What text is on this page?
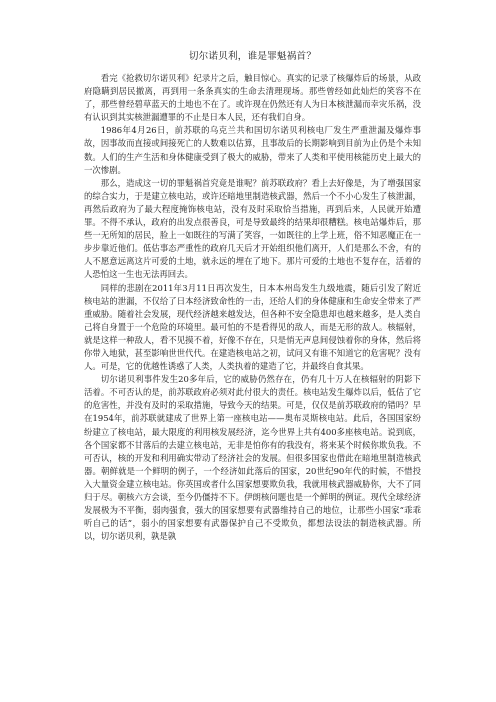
切尔诺贝利，谁是罪魁祸首？

看完《抢救切尔诺贝利》纪录片之后，触目惊心。真实的记录了核爆炸后的场景，从政府隐瞒到居民撤离，再到用一条条真实的生命去清理现场。那些曾经如此灿烂的笑容不在了，那些曾经碧草蓝天的土地也不在了。或许现在仍然还有人为日本核泄漏而幸灾乐祸，没有认识到其实核泄漏遭罪的不止是日本人民，还有我们自身。

1986年4月26日，前苏联的乌克兰共和国切尔诺贝利核电厂发生严重泄漏及爆炸事故，因事故而直接或间接死亡的人数难以估算，且事故后的长期影响到目前为止仍是个未知数。人们的生产生活和身体健康受到了极大的威胁，带来了人类和平使用核能历史上最大的一次惨剧。

那么，造成这一切的罪魁祸首究竟是谁呢？前苏联政府？看上去好像是，为了增强国家的综合实力，于是建立核电站，或许还暗地里制造核武器，然后一个不小心发生了核泄漏，再然后政府为了最大程度掩饰核电站，没有及时采取恰当措施，再到后来，人民就开始遭罪。不得不承认，政府的出发点很善良，可是导致最终的结果却很糟糕。核电站爆炸后，那些一无所知的居民，脸上一如既往的写满了笑容，一如既往的上学上班，俗不知恶魔正在一步步靠近他们。低估事态严重性的政府几天后才开始组织他们离开，人们是那么不舍，有的人不愿意远离这片可爱的土地，就永远的埋在了地下。那片可爱的土地也不复存在，活着的人恐怕这一生也无法再回去。

同样的悲剧在2011年3月11日再次发生，日本本州岛发生九级地震，随后引发了附近核电站的泄漏，不仅给了日本经济致命性的一击，还给人们的身体健康和生命安全带来了严重威胁。随着社会发展，现代经济越来越发达，但各种不安全隐患却也越来越多，是人类自己将自身置于一个危险的环境里。最可怕的不是看得见的敌人，而是无形的敌人。核辐射，就是这样一种敌人，看不见摸不着，好像不存在，只是悄无声息间侵蚀着你的身体，然后将你带入地狱，甚至影响世世代代。在建造核电站之初，试问又有谁不知道它的危害呢？没有人。可是，它的优越性诱惑了人类，人类执着的建造了它，并最终自食其果。

切尔诺贝利事件发生20多年后，它的威胁仍然存在，仍有几十万人在核辐射的阴影下活着。不可否认的是，前苏联政府必须对此付很大的责任。核电站发生爆炸以后，低估了它的危害性，并没有及时的采取措施，导致今天的结果。可是，仅仅是前苏联政府的错吗？早在1954年，前苏联就建成了世界上第一座核电站——奥布灵斯核电站。此后，各国国家纷纷建立了核电站，最大限度的利用核发展经济，迄今世界上共有400多座核电站。说到底，各个国家都不甘落后的去建立核电站，无非是怕你有的我没有，将来某个时候你欺负我。不可否认，核的开发和利用确实带动了经济社会的发展。但很多国家也借此在暗地里制造核武器。朝鲜就是一个鲜明的例子，一个经济如此落后的国家，20世纪90年代的时候，不惜投入大量资金建立核电站。你英国或者什么国家想要欺负我，我就用核武器威胁你，大不了同归于尽。朝核六方会谈，至今仍僵持不下。伊朗核问题也是一个鲜明的例证。现代全球经济发展极为不平衡，弱肉强食，强大的国家想要有武器维持自己的地位，让那些小国家“乖乖听自己的话”，弱小的国家想要有武器保护自己不受欺负，都想法设法的制造核武器。所以，切尔诺贝利，孰是孰
